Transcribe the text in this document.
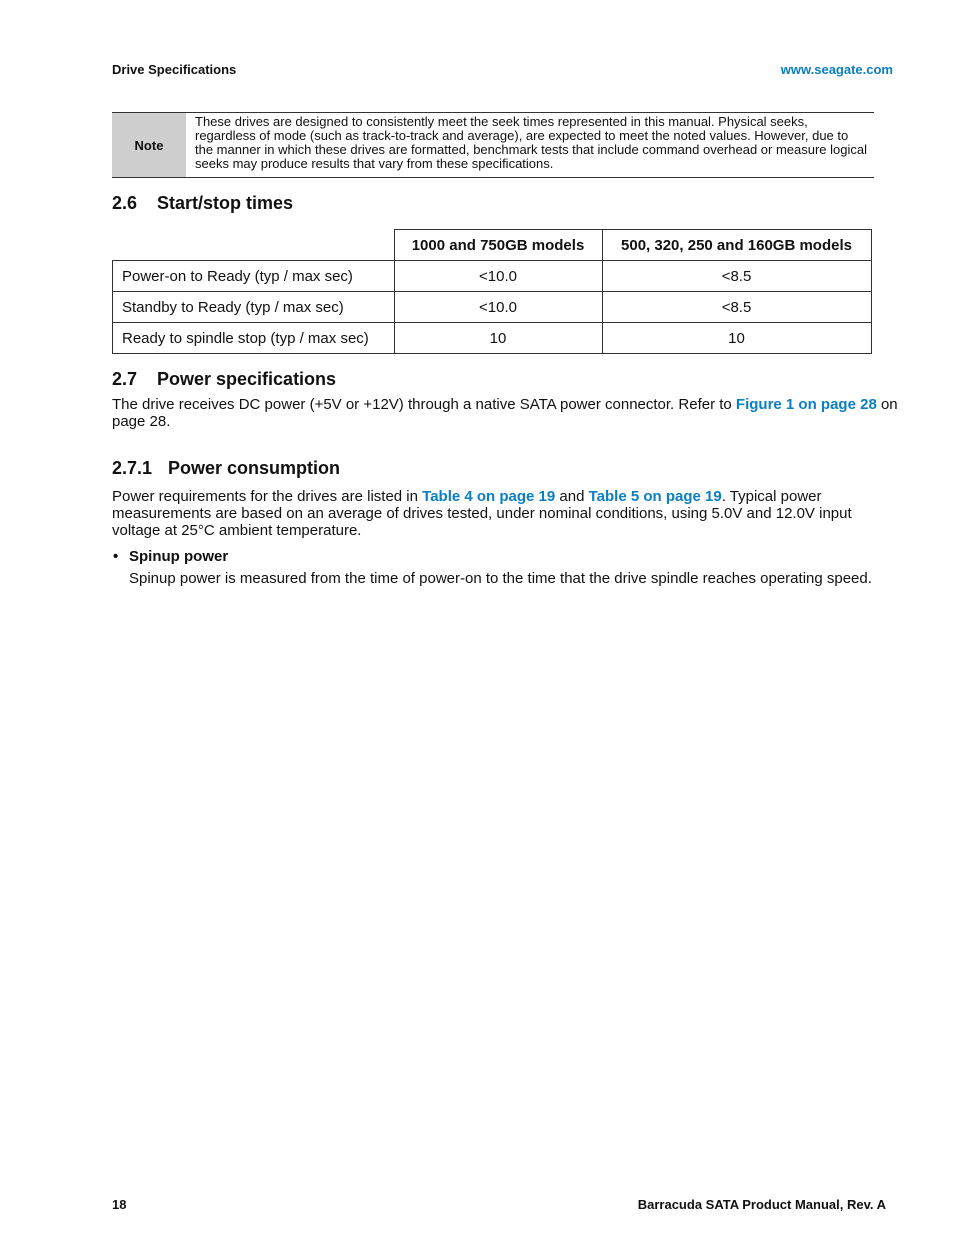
Drive Specifications	www.seagate.com
Note
These drives are designed to consistently meet the seek times represented in this manual. Physical seeks, regardless of mode (such as track-to-track and average), are expected to meet the noted values. However, due to the manner in which these drives are formatted, benchmark tests that include command overhead or measure logical seeks may produce results that vary from these specifications.
2.6 Start/stop times
	1000 and 750GB models	500, 320, 250 and 160GB models
Power-on to Ready (typ / max sec)	<10.0	<8.5
Standby to Ready (typ / max sec)	<10.0	<8.5
Ready to spindle stop (typ / max sec)	10	10
2.7 Power specifications
The drive receives DC power (+5V or +12V) through a native SATA power connector. Refer to Figure 1 on page 28 on page 28.
2.7.1 Power consumption
Power requirements for the drives are listed in Table 4 on page 19 and Table 5 on page 19. Typical power measurements are based on an average of drives tested, under nominal conditions, using 5.0V and 12.0V input voltage at 25°C ambient temperature.
• Spinup power
Spinup power is measured from the time of power-on to the time that the drive spindle reaches operating speed.
18	Barracuda SATA Product Manual, Rev. A
